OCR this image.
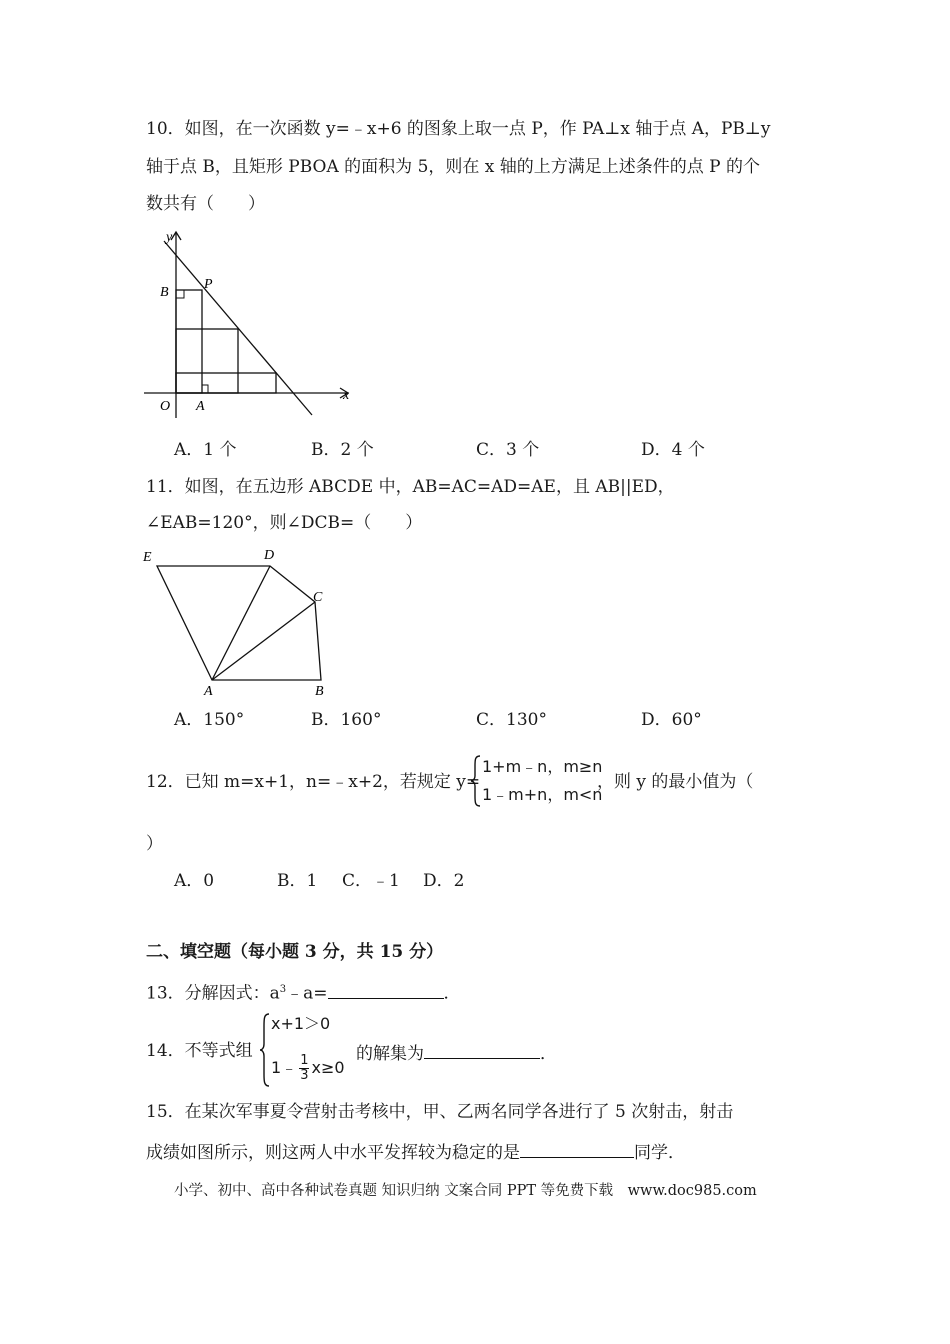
10．如图，在一次函数 y=﹣x+6 的图象上取一点 P，作 PA⊥x 轴于点 A，PB⊥y
轴于点 B，且矩形 PBOA 的面积为 5，则在 x 轴的上方满足上述条件的点 P 的个
数共有（　　）
y
x
O A
B
P
A．1 个	B．2 个	C．3 个	D．4 个
11．如图，在五边形 ABCDE 中，AB=AC=AD=AE，且 AB||ED，
∠EAB=120°，则∠DCB=（　　）
E	D
C
A	B
A．150°	B．160°	C．130°	D．60°
12．已知 m=x+1，n=﹣x+2，若规定 y=
1+m﹣n，m≥n
1﹣m+n，m<n
，则 y 的最小值为（
）
A．0	B．1 C．﹣1 D．2
二、填空题（每小题 3 分，共 15 分）
13．分解因式：$a^3﹣a=$	．
14．不等式组
x+1＞0
1﹣ $\frac{1}{3} x\ge 0$
的解集为	．
15．在某次军事夏令营射击考核中，甲、乙两名同学各进行了 5 次射击，射击
成绩如图所示，则这两人中水平发挥较为稳定的是	同学．
小学、初中、高中各种试卷真题 知识归纳 文案合同 PPT 等免费下载　www.doc985.com
